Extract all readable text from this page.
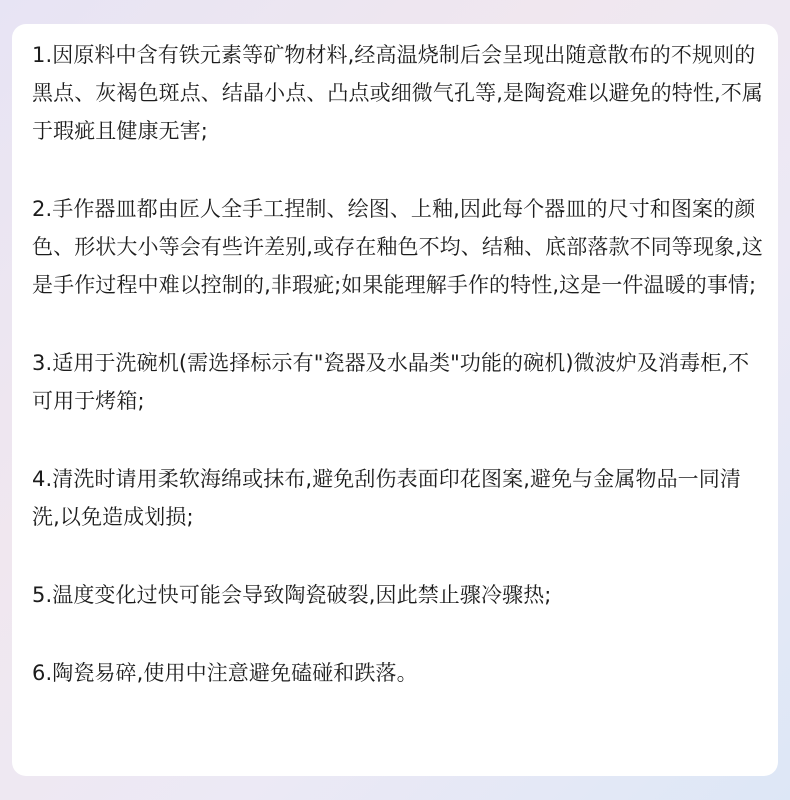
1.因原料中含有铁元素等矿物材料,经高温烧制后会呈现出随意散布的不规则的黑点、灰褐色斑点、结晶小点、凸点或细微气孔等,是陶瓷难以避免的特性,不属于瑕疵且健康无害;

2.手作器皿都由匠人全手工捏制、绘图、上釉,因此每个器皿的尺寸和图案的颜色、形状大小等会有些许差别,或存在釉色不均、结釉、底部落款不同等现象,这是手作过程中难以控制的,非瑕疵;如果能理解手作的特性,这是一件温暖的事情;

3.适用于洗碗机(需选择标示有"瓷器及水晶类"功能的碗机)微波炉及消毒柜,不可用于烤箱;

4.清洗时请用柔软海绵或抹布,避免刮伤表面印花图案,避免与金属物品一同清洗,以免造成划损;

5.温度变化过快可能会导致陶瓷破裂,因此禁止骤冷骤热;

6.陶瓷易碎,使用中注意避免磕碰和跌落。
